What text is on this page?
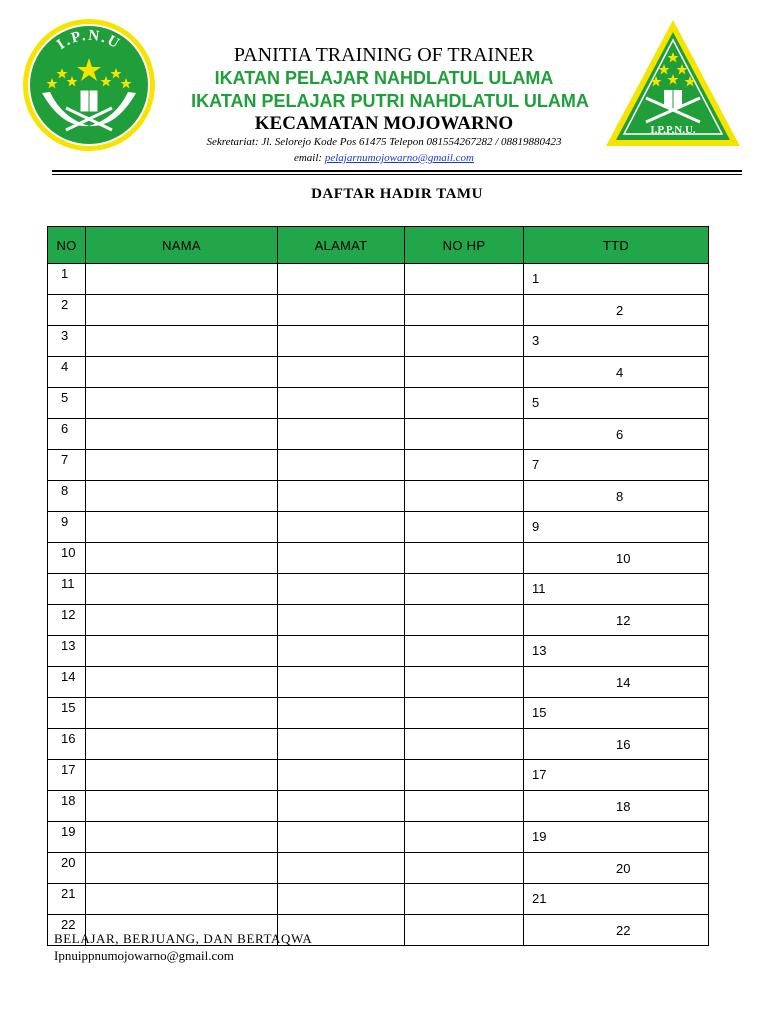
I.P.N.U
I.P.P.N.U.
PANITIA TRAINING OF TRAINER
IKATAN PELAJAR NAHDLATUL ULAMA
IKATAN PELAJAR PUTRI NAHDLATUL ULAMA
KECAMATAN MOJOWARNO
Sekretariat: Jl. Selorejo Kode Pos 61475 Telepon 081554267282 / 08819880423
email: pelajarnumojowarno@gmail.com
DAFTAR HADIR TAMU
NO	NAMA	ALAMAT	NO HP	TTD
1				1

2				2

3				3

4				4

5				5

6				6

7				7

8				8

9				9

10				10

11				11

12				12

13				13

14				14

15				15

16				16

17				17

18				18

19				19

20				20

21				21

22				22
BELAJAR, BERJUANG, DAN BERTAQWA
Ipnuippnumojowarno@gmail.com
